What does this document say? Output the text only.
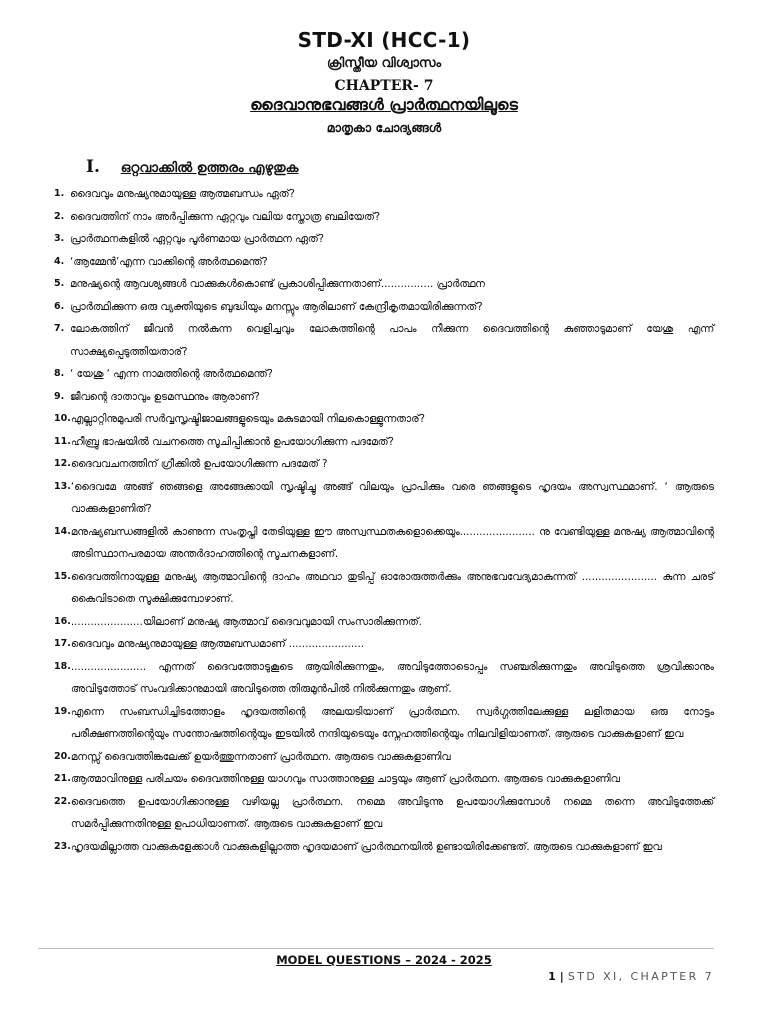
STD-XI (HCC-1)
ക്രിസ്തീയ വിശ്വാസം
CHAPTER- 7
ദൈവാനുഭവങ്ങൾ പ്രാർത്ഥനയിലൂടെ
മാതൃകാ ചോദ്യങ്ങൾ
I. ഒറ്റവാക്കിൽ ഉത്തരം എഴുതുക
1. ദൈവവും മനുഷ്യനുമായുള്ള ആത്മബന്ധം ഏത്?
2. ദൈവത്തിന് നാം അർപ്പിക്കുന്ന ഏറ്റവും വലിയ സ്തോത്ര ബലിയേത്?
3. പ്രാർത്ഥനകളിൽ ഏറ്റവും പൂർണമായ പ്രാർത്ഥന ഏത്?
4. ‘ആമ്മേൻ’എന്ന വാക്കിന്റെ അർത്ഥമെന്ത്?
5. മനുഷ്യന്റെ ആവശ്യങ്ങൾ വാക്കുകൾകൊണ്ട് പ്രകാശിപ്പിക്കുന്നതാണ്................ പ്രാർത്ഥന
6. പ്രാർത്ഥിക്കുന്ന ഒരു വ്യക്തിയുടെ ബുദ്ധിയും മനസ്സും ആരിലാണ് കേന്ദ്രീകൃതമായിരിക്കുന്നത്?
7. ലോകത്തിന് ജീവൻ നൽകുന്ന വെളിച്ചവും ലോകത്തിന്റെ പാപം നീക്കുന്ന ദൈവത്തിന്റെ കുഞ്ഞാടുമാണ് യേശു എന്ന് സാക്ഷ്യപ്പെടുത്തിയതാര്?
8. ‘ യേശു ‘ എന്ന നാമത്തിന്റെ അർത്ഥമെന്ത്?
9. ജീവന്റെ ദാതാവും ഉടമസ്ഥനും ആരാണ്?
10. എല്ലാറ്റിനുമുപരി സർവ്വസൃഷ്ടിജാലങ്ങളുടെയും മകുടമായി നിലകൊള്ളുന്നതാര്?
11. ഹീബ്രു ഭാഷയിൽ വചനത്തെ സൂചിപ്പിക്കാൻ ഉപയോഗിക്കുന്ന പദമേത്?
12. ദൈവവചനത്തിന് ഗ്രീക്കിൽ ഉപയോഗിക്കുന്ന പദമേത് ?
13. ‘ദൈവമേ അങ്ങ് ഞങ്ങളെ അങ്ങേക്കായി സൃഷ്ടിച്ചു അങ്ങ് വിലയും പ്രാപിക്കും വരെ ഞങ്ങളുടെ ഹൃദയം അസ്വസ്ഥമാണ്. ‘ ആരുടെ വാക്കുകളാണിത്?
14. മനുഷ്യബന്ധങ്ങളിൽ കാണുന്ന സംതൃപ്തി തേടിയുള്ള ഈ അസ്വസ്ഥതകളൊക്കെയും....................... നു വേണ്ടിയുള്ള മനുഷ്യ ആത്മാവിന്റെ അടിസ്ഥാനപരമായ അന്തർദാഹത്തിന്റെ സൂചനകളാണ്.
15. ദൈവത്തിനായുള്ള മനുഷ്യ ആത്മാവിന്റെ ദാഹം അഥവാ തുടിപ്പ് ഓരോരുത്തർക്കും അനുഭവവേദ്യമാകുന്നത് ....................... കുന്ന ചരട് കൈവിടാതെ സൂക്ഷിക്കുമ്പോഴാണ്.
16. ......................യിലാണ് മനുഷ്യ ആത്മാവ് ദൈവവുമായി സംസാരിക്കുന്നത്.
17. ദൈവവും മനുഷ്യനുമായുള്ള ആത്മബന്ധമാണ് .......................
18. ....................... എന്നത് ദൈവത്തോടുകൂടെ ആയിരിക്കുന്നതും, അവിടുത്തോടൊപ്പം സഞ്ചരിക്കുന്നതും അവിടുത്തെ ശ്രവിക്കാനും അവിടുത്തോട് സംവദിക്കാനുമായി അവിടുത്തെ തിരുമുൻപിൽ നിൽക്കുന്നതും ആണ്.
19. എന്നെ സംബന്ധിച്ചിടത്തോളം ഹൃദയത്തിന്റെ അലയടിയാണ് പ്രാർത്ഥന. സ്വർഗ്ഗത്തിലേക്കുള്ള ലളിതമായ ഒരു നോട്ടം പരീക്ഷണത്തിന്റെയും സന്തോഷത്തിന്റെയും ഇടയിൽ നന്ദിയുടെയും സ്നേഹത്തിന്റെയും നിലവിളിയാണത്. ആരുടെ വാക്കുകളാണ് ഇവ
20. മനസ്സ് ദൈവത്തിങ്കലേക്ക് ഉയർത്തുന്നതാണ് പ്രാർത്ഥന. ആരുടെ വാക്കുകളാണിവ
21. ആത്മാവിനുള്ള പരിചയം ദൈവത്തിനുള്ള യാഗവും സാത്താനുള്ള ചാട്ടയും ആണ് പ്രാർത്ഥന. ആരുടെ വാക്കുകളാണിവ
22. ദൈവത്തെ ഉപയോഗിക്കാനുള്ള വഴിയല്ല പ്രാർത്ഥന. നമ്മെ അവിടുന്നു ഉപയോഗിക്കുമ്പോൾ നമ്മെ തന്നെ അവിടുത്തേക്ക് സമർപ്പിക്കുന്നതിനുള്ള ഉപാധിയാണത്. ആരുടെ വാക്കുകളാണ് ഇവ
23. ഹൃദയമില്ലാത്ത വാക്കുകളേക്കാൾ വാക്കുകളില്ലാത്ത ഹൃദയമാണ് പ്രാർത്ഥനയിൽ ഉണ്ടായിരിക്കേണ്ടത്. ആരുടെ വാക്കുകളാണ് ഇവ
MODEL QUESTIONS – 2024 - 2025
1 | STD XI, CHAPTER 7
